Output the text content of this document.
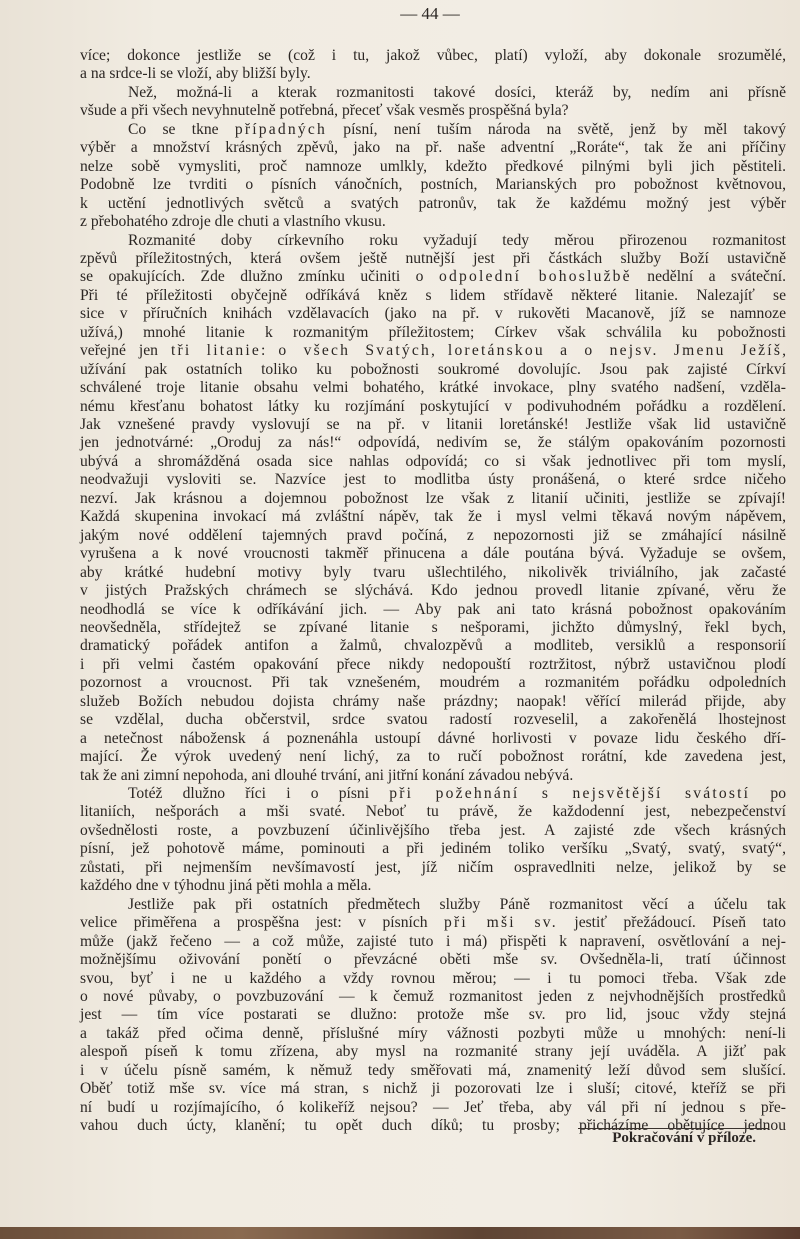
— 44 —
více; dokonce jestliže se (což i tu, jakož vůbec, platí) vyloží, aby dokonale srozumělé,
a na srdce-li se vloží, aby bližší byly.
Než, možná-li a kterak rozmanitosti takové dosíci, kteráž by, nedím ani přísně
všude a při všech nevyhnutelně potřebná, přeceť však vesměs prospěšná byla?
Co se tkne případných písní, není tuším národa na světě, jenž by měl takový
výběr a množství krásných zpěvů, jako na př. naše adventní „Roráte“, tak že ani příčiny
nelze sobě vymysliti, proč namnoze umlkly, kdežto předkové pilnými byli jich pěstiteli.
Podobně lze tvrditi o písních vánočních, postních, Marianských pro pobožnost květnovou,
k uctění jednotlivých světců a svatých patronův, tak že každému možný jest výběr
z přebohatého zdroje dle chuti a vlastního vkusu.
Rozmanité doby církevního roku vyžadují tedy měrou přirozenou rozmanitost
zpěvů příležitostných, která ovšem ještě nutnější jest při částkách služby Boží ustavičně
se opakujících. Zde dlužno zmínku učiniti o odpolední bohoslužbě nedělní a sváteční.
Při té příležitosti obyčejně odříkává kněz s lidem střídavě některé litanie. Nalezajíť se
sice v příručních knihách vzdělavacích (jako na př. v rukověti Macanově, jíž se namnoze
užívá,) mnohé litanie k rozmanitým příležitostem; Církev však schválila ku pobožnosti
veřejné jen tři litanie: o všech Svatých, loretánskou a o nejsv. Jmenu Ježíš,
užívání pak ostatních toliko ku pobožnosti soukromé dovolujíc. Jsou pak zajisté Církví
schválené troje litanie obsahu velmi bohatého, krátké invokace, plny svatého nadšení, vzděla-
nému křesťanu bohatost látky ku rozjímání poskytující v podivuhodném pořádku a rozdělení.
Jak vznešené pravdy vyslovují se na př. v litanii loretánské! Jestliže však lid ustavičně
jen jednotvárné: „Oroduj za nás!“ odpovídá, nedivím se, že stálým opakováním pozornosti
ubývá a shromážděná osada sice nahlas odpovídá; co si však jednotlivec při tom myslí,
neodvažuji vysloviti se. Nazvíce jest to modlitba ústy pronášená, o které srdce ničeho
nezví. Jak krásnou a dojemnou pobožnost lze však z litanií učiniti, jestliže se zpívají!
Každá skupenina invokací má zvláštní nápěv, tak že i mysl velmi těkavá novým nápěvem,
jakým nové oddělení tajemných pravd počíná, z nepozornosti již se zmáhající násilně
vyrušena a k nové vroucnosti takměř přinucena a dále poutána bývá. Vyžaduje se ovšem,
aby krátké hudební motivy byly tvaru ušlechtilého, nikolivěk triviálního, jak začasté
v jistých Pražských chrámech se slýchává. Kdo jednou provedl litanie zpívané, věru že
neodhodlá se více k odříkávání jich. — Aby pak ani tato krásná pobožnost opakováním
neovšedněla, střídejtež se zpívané litanie s nešporami, jichžto důmyslný, řekl bych,
dramatický pořádek antifon a žalmů, chvalozpěvů a modliteb, versiklů a responsorií
i při velmi častém opakování přece nikdy nedopouští roztržitost, nýbrž ustavičnou plodí
pozornost a vroucnost. Při tak vznešeném, moudrém a rozmanitém pořádku odpoledních
služeb Božích nebudou dojista chrámy naše prázdny; naopak! věřící milerád přijde, aby
se vzdělal, ducha občerstvil, srdce svatou radostí rozveselil, a zakořenělá lhostejnost
a netečnost nábožensk á poznenáhla ustoupí dávné horlivosti v povaze lidu českého dří-
mající. Že výrok uvedený není lichý, za to ručí pobožnost rorátní, kde zavedena jest,
tak že ani zimní nepohoda, ani dlouhé trvání, ani jitřní konání závadou nebývá.
Totéž dlužno říci i o písni při požehnání s nejsvětější svátostí po
litaniích, nešporách a mši svaté. Neboť tu právě, že každodenní jest, nebezpečenství
ovšednělosti roste, a povzbuzení účinlivějšího třeba jest. A zajisté zde všech krásných
písní, jež pohotově máme, pominouti a při jediném toliko veršíku „Svatý, svatý, svatý“,
zůstati, při nejmenším nevšímavostí jest, jíž ničím ospravedlniti nelze, jelikož by se
každého dne v týhodnu jiná pěti mohla a měla.
Jestliže pak při ostatních předmětech služby Páně rozmanitost věcí a účelu tak
velice přiměřena a prospěšna jest: v písních při mši sv. jestiť přežádoucí. Píseň tato
může (jakž řečeno — a což může, zajisté tuto i má) přispěti k napravení, osvětlování a nej-
možnějšímu oživování ponětí o převzácné oběti mše sv. Ovšedněla-li, tratí účinnost
svou, byť i ne u každého a vždy rovnou měrou; — i tu pomoci třeba. Však zde
o nové půvaby, o povzbuzování — k čemuž rozmanitost jeden z nejvhodnějších prostředků
jest — tím více postarati se dlužno: protože mše sv. pro lid, jsouc vždy stejná
a takáž před očima denně, příslušné míry vážnosti pozbyti může u mnohých: není-li
alespoň píseň k tomu zřízena, aby mysl na rozmanité strany její uváděla. A jižť pak
i v účelu písně samém, k němuž tedy směřovati má, znamenitý leží důvod sem slušící.
Oběť totiž mše sv. více má stran, s nichž ji pozorovati lze i sluší; citové, kteříž se při
ní budí u rozjímajícího, ó kolikeříž nejsou? — Jeť třeba, aby vál při ní jednou s pře-
vahou duch úcty, klanění; tu opět duch díků; tu prosby; přicházíme obětujíce jednou
Pokračování v příloze.
